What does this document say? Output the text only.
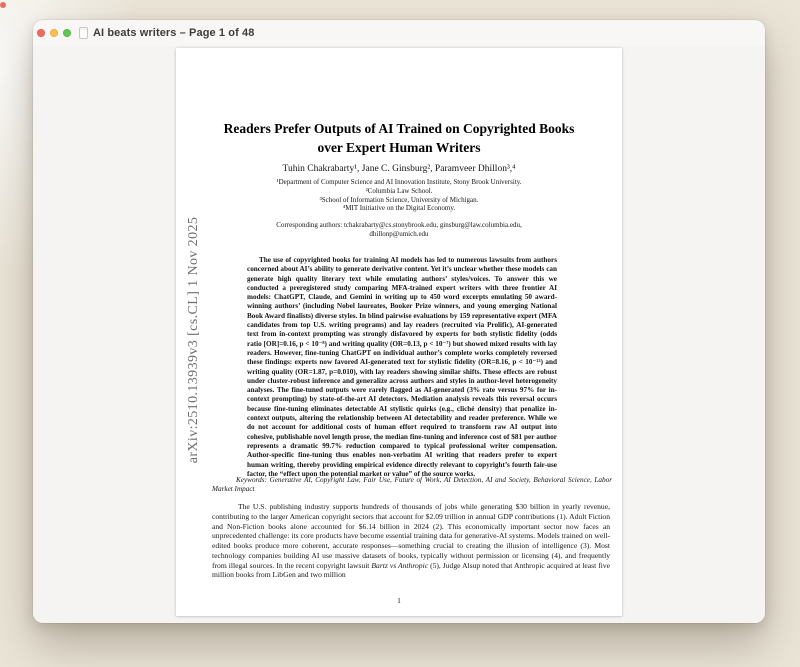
AI beats writers – Page 1 of 48
arXiv:2510.13939v3 [cs.CL] 1 Nov 2025
Readers Prefer Outputs of AI Trained on Copyrighted Books
over Expert Human Writers
Tuhin Chakrabarty¹, Jane C. Ginsburg², Paramveer Dhillon³,⁴
¹Department of Computer Science and AI Innovation Institute, Stony Brook University.
²Columbia Law School.
³School of Information Science, University of Michigan.
⁴MIT Initiative on the Digital Economy.
Corresponding authors: tchakrabarty@cs.stonybrook.edu, ginsburg@law.columbia.edu,
dhillonp@umich.edu
The use of copyrighted books for training AI models has led to numerous lawsuits from authors concerned about AI’s ability to generate derivative content. Yet it’s unclear whether these models can generate high quality literary text while emulating authors’ styles/voices. To answer this we conducted a preregistered study comparing MFA-trained expert writers with three frontier AI models: ChatGPT, Claude, and Gemini in writing up to 450 word excerpts emulating 50 award-winning authors’ (including Nobel laureates, Booker Prize winners, and young emerging National Book Award finalists) diverse styles. In blind pairwise evaluations by 159 representative expert (MFA candidates from top U.S. writing programs) and lay readers (recruited via Prolific), AI-generated text from in-context prompting was strongly disfavored by experts for both stylistic fidelity (odds ratio [OR]=0.16, p < 10⁻⁸) and writing quality (OR=0.13, p < 10⁻⁷) but showed mixed results with lay readers. However, fine-tuning ChatGPT on individual author’s complete works completely reversed these findings: experts now favored AI-generated text for stylistic fidelity (OR=8.16, p < 10⁻¹³) and writing quality (OR=1.87, p=0.010), with lay readers showing similar shifts. These effects are robust under cluster-robust inference and generalize across authors and styles in author-level heterogeneity analyses. The fine-tuned outputs were rarely flagged as AI-generated (3% rate versus 97% for in-context prompting) by state-of-the-art AI detectors. Mediation analysis reveals this reversal occurs because fine-tuning eliminates detectable AI stylistic quirks (e.g., cliché density) that penalize in-context outputs, altering the relationship between AI detectability and reader preference. While we do not account for additional costs of human effort required to transform raw AI output into cohesive, publishable novel length prose, the median fine-tuning and inference cost of $81 per author represents a dramatic 99.7% reduction compared to typical professional writer compensation. Author-specific fine-tuning thus enables non-verbatim AI writing that readers prefer to expert human writing, thereby providing empirical evidence directly relevant to copyright’s fourth fair-use factor, the “effect upon the potential market or value” of the source works.
Keywords: Generative AI, Copyright Law, Fair Use, Future of Work, AI Detection, AI and Society, Behavioral Science, Labor Market Impact

The U.S. publishing industry supports hundreds of thousands of jobs while generating $30 billion in yearly revenue, contributing to the larger American copyright sectors that account for $2.09 trillion in annual GDP contributions (1). Adult Fiction and Non-Fiction books alone accounted for $6.14 billion in 2024 (2). This economically important sector now faces an unprecedented challenge: its core products have become essential training data for generative-AI systems. Models trained on well-edited books produce more coherent, accurate responses—something crucial to creating the illusion of intelligence (3). Most technology companies building AI use massive datasets of books, typically without permission or licensing (4), and frequently from illegal sources. In the recent copyright lawsuit Bartz vs Anthropic (5), Judge Alsup noted that Anthropic acquired at least five million books from LibGen and two million

1
